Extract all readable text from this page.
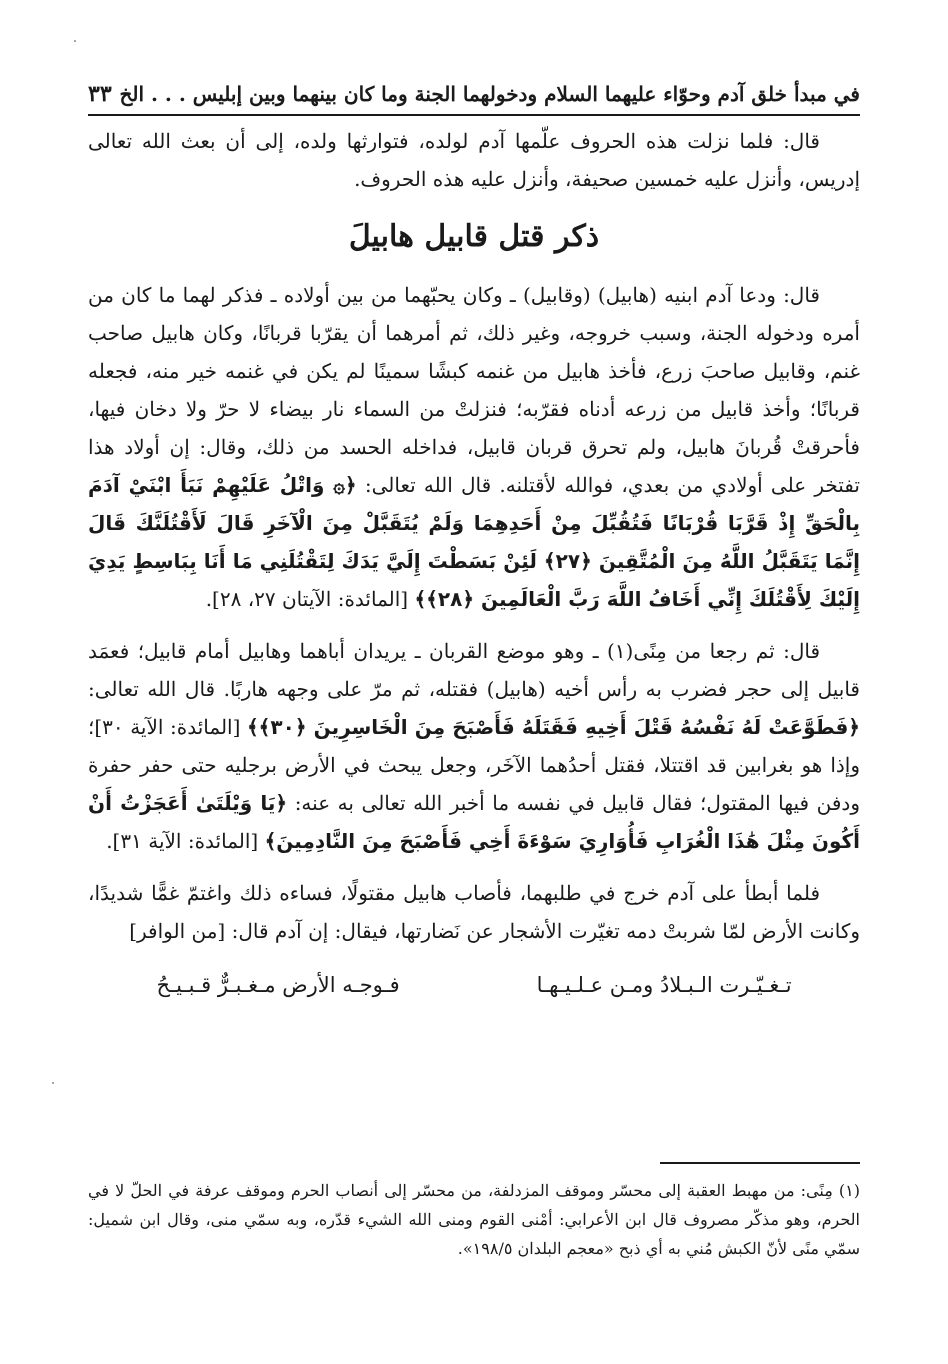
في مبدأ خلق آدم وحوّاء عليهما السلام ودخولهما الجنة وما كان بينهما وبين إبليس . . . الخ
٣٣

قال: فلما نزلت هذه الحروف علّمها آدم لولده، فتوارثها ولده، إلى أن بعث الله تعالى إدريس، وأنزل عليه خمسين صحيفة، وأنزل عليه هذه الحروف.

ذكر قتل قابيل هابيلَ

قال: ودعا آدم ابنيه (هابيل) (وقابيل) ـ وكان يحبّهما من بين أولاده ـ فذكر لهما ما كان من أمره ودخوله الجنة، وسبب خروجه، وغير ذلك، ثم أمرهما أن يقرّبا قربانًا، وكان هابيل صاحب غنم، وقابيل صاحبَ زرع، فأخذ هابيل من غنمه كبشًا سمينًا لم يكن في غنمه خير منه، فجعله قربانًا؛ وأخذ قابيل من زرعه أدناه فقرّبه؛ فنزلتْ من السماء نار بيضاء لا حرّ ولا دخان فيها، فأحرقتْ قُربانَ هابيل، ولم تحرق قربان قابيل، فداخله الحسد من ذلك، وقال: إن أولاد هذا تفتخر على أولادي من بعدي، فوالله لأقتلنه. قال الله تعالى: ﴿۞ وَاتْلُ عَلَيْهِمْ نَبَأَ ابْنَيْ آدَمَ بِالْحَقِّ إِذْ قَرَّبَا قُرْبَانًا فَتُقُبِّلَ مِنْ أَحَدِهِمَا وَلَمْ يُتَقَبَّلْ مِنَ الْآخَرِ قَالَ لَأَقْتُلَنَّكَ قَالَ إِنَّمَا يَتَقَبَّلُ اللَّهُ مِنَ الْمُتَّقِينَ ﴿٢٧﴾ لَئِنْ بَسَطْتَ إِلَيَّ يَدَكَ لِتَقْتُلَنِي مَا أَنَا بِبَاسِطٍ يَدِيَ إِلَيْكَ لِأَقْتُلَكَ إِنِّي أَخَافُ اللَّهَ رَبَّ الْعَالَمِينَ ﴿٢٨﴾﴾ [المائدة: الآيتان ٢٧، ٢٨].

قال: ثم رجعا من مِنًى(١) ـ وهو موضع القربان ـ يريدان أباهما وهابيل أمام قابيل؛ فعمَد قابيل إلى حجر فضرب به رأس أخيه (هابيل) فقتله، ثم مرّ على وجهه هاربًا. قال الله تعالى: ﴿فَطَوَّعَتْ لَهُ نَفْسُهُ قَتْلَ أَخِيهِ فَقَتَلَهُ فَأَصْبَحَ مِنَ الْخَاسِرِينَ ﴿٣٠﴾﴾ [المائدة: الآية ٣٠]؛ وإذا هو بغرابين قد اقتتلا، فقتل أحدُهما الآخَر، وجعل يبحث في الأرض برجليه حتى حفر حفرة ودفن فيها المقتول؛ فقال قابيل في نفسه ما أخبر الله تعالى به عنه: ﴿يَا وَيْلَتَىٰ أَعَجَزْتُ أَنْ أَكُونَ مِثْلَ هَٰذَا الْغُرَابِ فَأُوَارِيَ سَوْءَةَ أَخِي فَأَصْبَحَ مِنَ النَّادِمِينَ﴾ [المائدة: الآية ٣١].

فلما أبطأ على آدم خرج في طلبهما، فأصاب هابيل مقتولًا، فساءه ذلك واغتمّ غمًّا شديدًا، وكانت الأرض لمّا شربتْ دمه تغيّرت الأشجار عن نَضارتها، فيقال: إن آدم قال: [من الوافر]

تـغـيّـرت الـبـلادُ ومـن عـلـيـهـا
فـوجـه الأرض مـغـبـرٌّ قـبـيـحُ
(١) مِنًى: من مهبط العقبة إلى محسّر وموقف المزدلفة، من محسّر إلى أنصاب الحرم وموقف عرفة في الحلّ لا في الحرم، وهو مذكّر مصروف قال ابن الأعرابي: أمْنى القوم ومنى الله الشيء قدّره، وبه سمّي منى، وقال ابن شميل: سمّي منًى لأنّ الكبش مُني به أي ذبح «معجم البلدان ١٩٨/٥».
